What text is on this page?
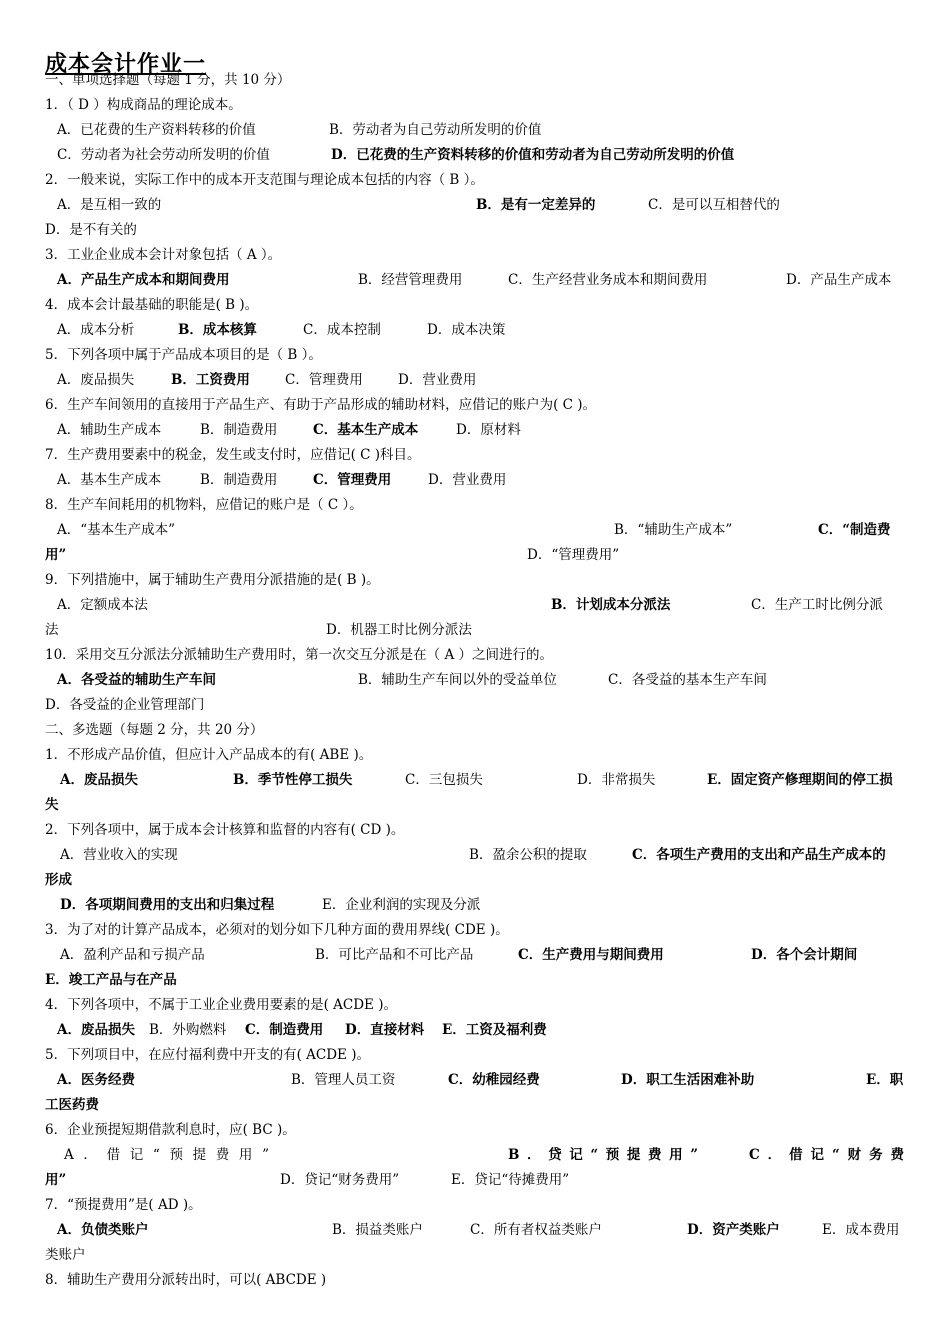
成本会计作业一
一、单项选择题（每题 1 分，共 10 分）
1．（ D ）构成商品的理论成本。
A．已花费的生产资料转移的价值	B．劳动者为自己劳动所发明的价值
C．劳动者为社会劳动所发明的价值	D．已花费的生产资料转移的价值和劳动者为自己劳动所发明的价值
2．一般来说，实际工作中的成本开支范围与理论成本包括的内容（ B ）。
A．是互相一致的	B．是有一定差异的	C．是可以互相替代的
D．是不有关的
3．工业企业成本会计对象包括（ A ）。
A．产品生产成本和期间费用	B．经营管理费用	C．生产经营业务成本和期间费用	D．产品生产成本
4．成本会计最基础的职能是( B )。
A．成本分析	B．成本核算	C．成本控制	D．成本决策
5．下列各项中属于产品成本项目的是（ B ）。
A．废品损失	B．工资费用	C．管理费用	D．营业费用
6．生产车间领用的直接用于产品生产、有助于产品形成的辅助材料，应借记的账户为( C )。
A．辅助生产成本	B．制造费用	C．基本生产成本	D．原材料
7．生产费用要素中的税金，发生或支付时，应借记( C )科目。
A．基本生产成本	B．制造费用	C．管理费用	D．营业费用
8．生产车间耗用的机物料，应借记的账户是（ C ）。
A．“基本生产成本”	B．“辅助生产成本”	C．“制造费
用”	D．“管理费用”
9．下列措施中，属于辅助生产费用分派措施的是( B )。
A．定额成本法	B．计划成本分派法	C．生产工时比例分派
法	D．机器工时比例分派法
10．采用交互分派法分派辅助生产费用时，第一次交互分派是在（ A ）之间进行的。
A．各受益的辅助生产车间	B．辅助生产车间以外的受益单位	C．各受益的基本生产车间
D．各受益的企业管理部门
二、多选题（每题 2 分，共 20 分）
1．不形成产品价值，但应计入产品成本的有( ABE )。
A．废品损失	B．季节性停工损失	C．三包损失	D．非常损失	E．固定资产修理期间的停工损
失
2．下列各项中，属于成本会计核算和监督的内容有( CD )。
A．营业收入的实现	B．盈余公积的提取	C．各项生产费用的支出和产品生产成本的
形成
D．各项期间费用的支出和归集过程	E．企业利润的实现及分派
3．为了对的计算产品成本，必须对的划分如下几种方面的费用界线( CDE )。
A．盈利产品和亏损产品	B．可比产品和不可比产品	C．生产费用与期间费用	D．各个会计期间
E．竣工产品与在产品
4．下列各项中，不属于工业企业费用要素的是( ACDE )。
A．废品损失 B．外购燃料 C．制造费用 D．直接材料 E．工资及福利费
5．下列项目中，在应付福利费中开支的有( ACDE )。
A．医务经费	B．管理人员工资	C．幼稚园经费	D．职工生活困难补助	E．职
工医药费
6．企业预提短期借款利息时，应( BC )。
A．借记“预提费用”	B．贷记“预提费用”	C．借记“财务费
用”	D．贷记“财务费用”	E．贷记“待摊费用”
7．“预提费用”是( AD )。
A．负债类账户	B．损益类账户	C．所有者权益类账户	D．资产类账户	E．成本费用
类账户
8．辅助生产费用分派转出时，可以( ABCDE )
